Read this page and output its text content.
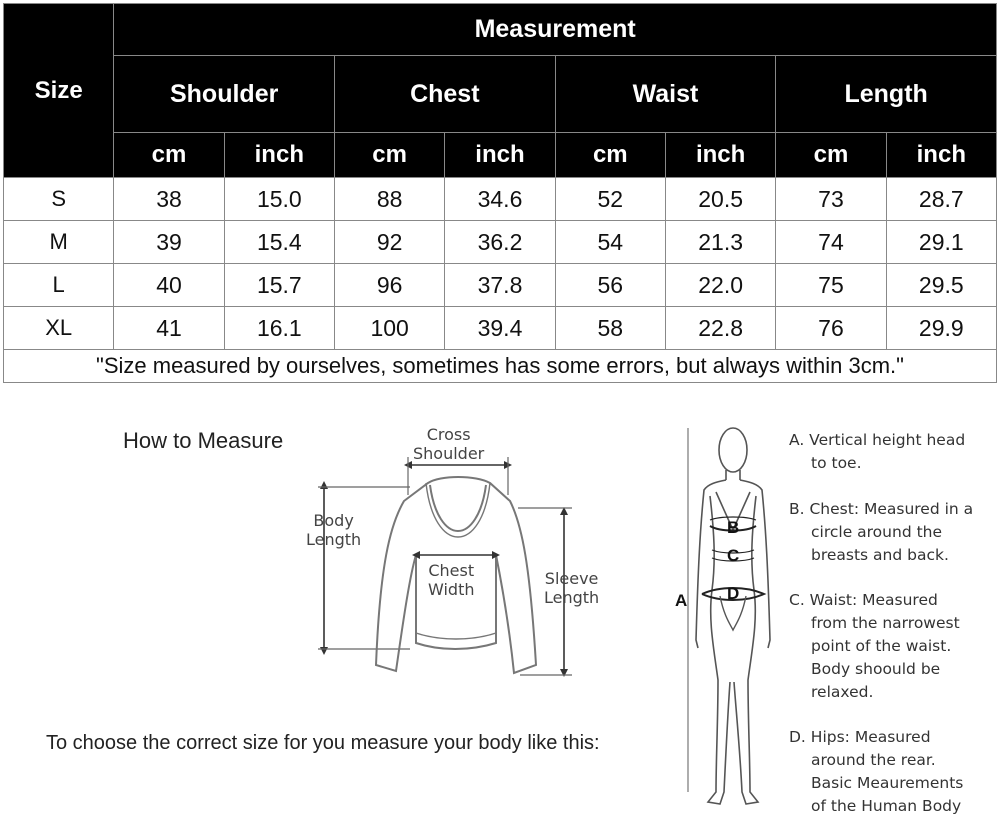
Size	Measurement							
	Shoulder		Chest		Waist		Length	
	cm	inch	cm	inch	cm	inch	cm	inch
S	38	15.0	88	34.6	52	20.5	73	28.7
M	39	15.4	92	36.2	54	21.3	74	29.1
L	40	15.7	96	37.8	56	22.0	75	29.5
XL	41	16.1	100	39.4	58	22.8	76	29.9
"Size measured by ourselves, sometimes has some errors, but always within 3cm."								
How to Measure
To choose the correct size for you measure your body like this:
Cross
Shoulder
Body
Length
Chest
Width
Sleeve
Length
B
C
D
A
A. Vertical height head
to toe.
B. Chest: Measured in a
circle around the
breasts and back.
C. Waist: Measured
from the narrowest
point of the waist.
Body shoould be
relaxed.
D. Hips: Measured
around the rear.
Basic Meaurements
of the Human Body
